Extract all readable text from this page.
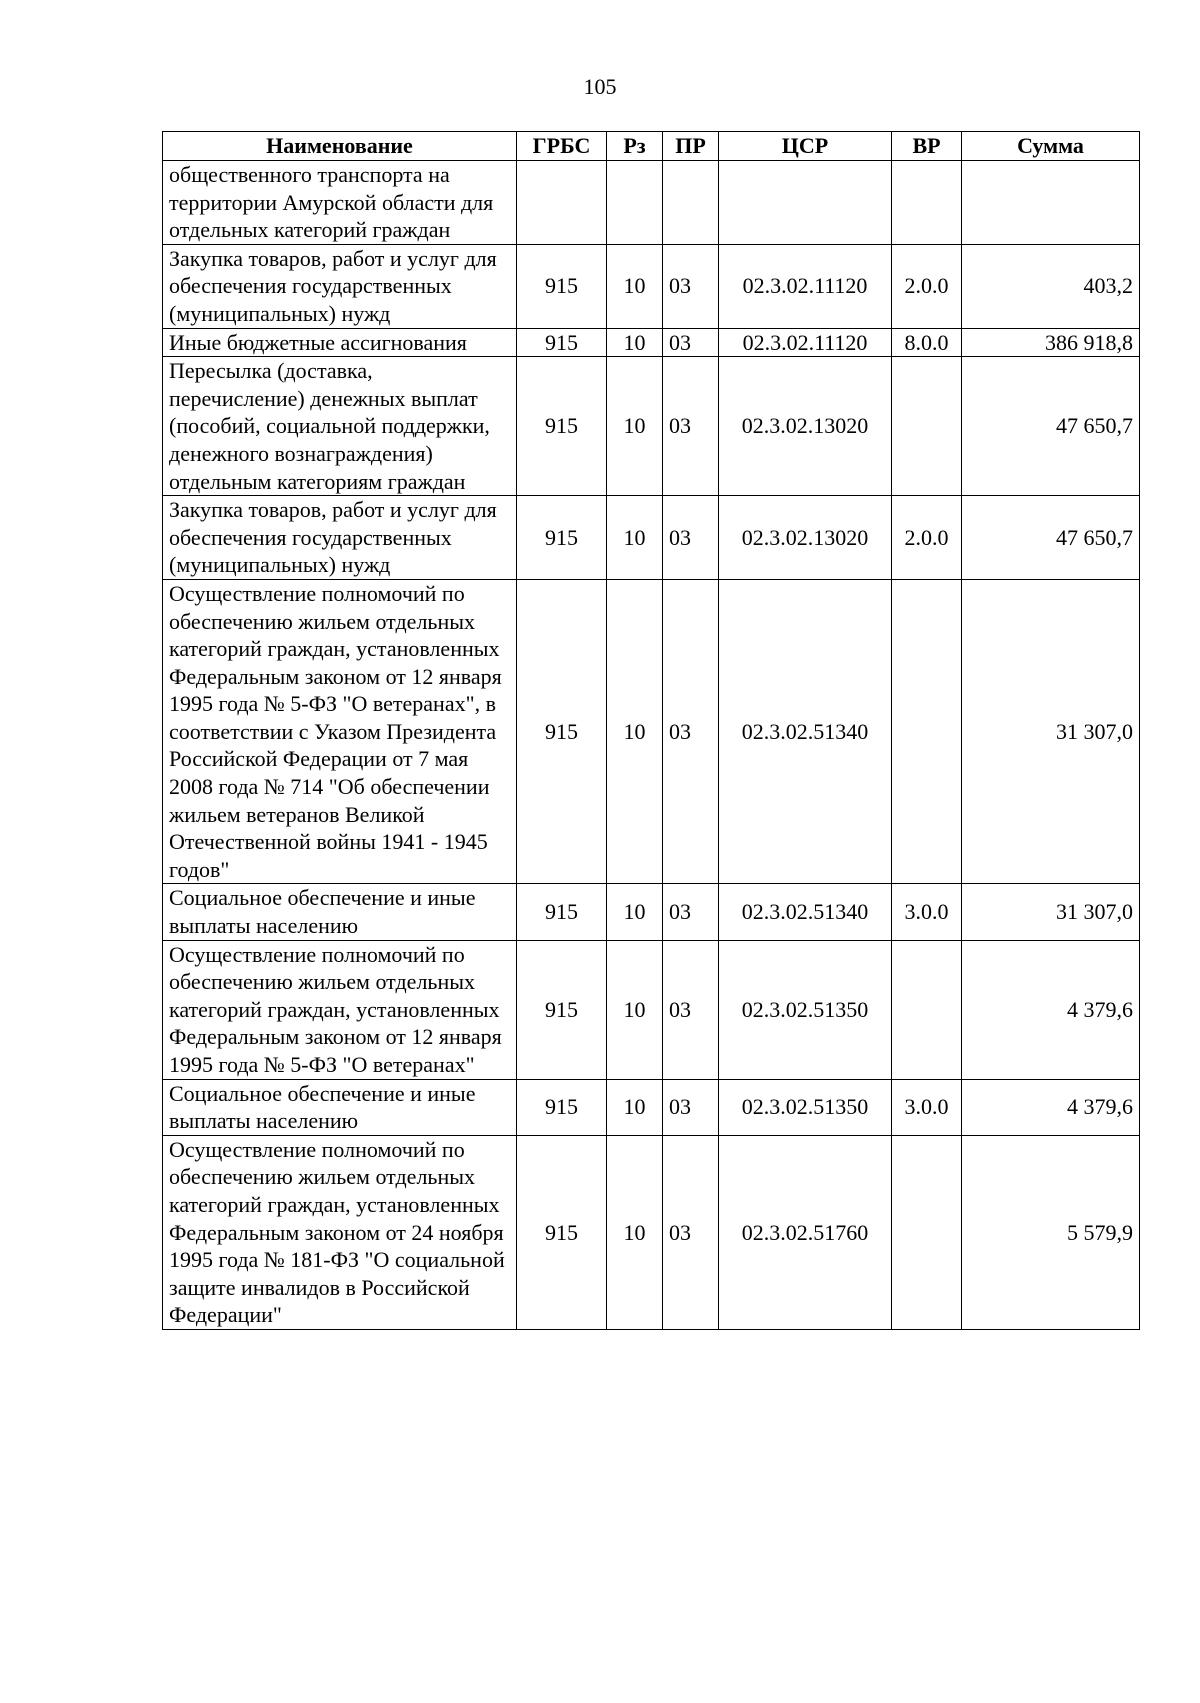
105
Наименование	ГРБС	Рз	ПР	ЦСР	ВР	Сумма
общественного транспорта на территории Амурской области для отдельных категорий граждан						
Закупка товаров, работ и услуг для обеспечения государственных (муниципальных) нужд	915	10	03	02.3.02.11120	2.0.0	403,2
Иные бюджетные ассигнования	915	10	03	02.3.02.11120	8.0.0	386 918,8
Пересылка (доставка, перечисление) денежных выплат (пособий, социальной поддержки, денежного вознаграждения) отдельным категориям граждан	915	10	03	02.3.02.13020		47 650,7
Закупка товаров, работ и услуг для обеспечения государственных (муниципальных) нужд	915	10	03	02.3.02.13020	2.0.0	47 650,7
Осуществление полномочий по обеспечению жильем отдельных категорий граждан, установленных Федеральным законом от 12 января 1995 года № 5-ФЗ "О ветеранах", в соответствии с Указом Президента Российской Федерации от 7 мая 2008 года № 714 "Об обеспечении жильем ветеранов Великой Отечественной войны 1941 - 1945 годов"	915	10	03	02.3.02.51340		31 307,0
Социальное обеспечение и иные выплаты населению	915	10	03	02.3.02.51340	3.0.0	31 307,0
Осуществление полномочий по обеспечению жильем отдельных категорий граждан, установленных Федеральным законом от 12 января 1995 года № 5-ФЗ "О ветеранах"	915	10	03	02.3.02.51350		4 379,6
Социальное обеспечение и иные выплаты населению	915	10	03	02.3.02.51350	3.0.0	4 379,6
Осуществление полномочий по обеспечению жильем отдельных категорий граждан, установленных Федеральным законом от 24 ноября 1995 года № 181-ФЗ "О социальной защите инвалидов в Российской Федерации"	915	10	03	02.3.02.51760		5 579,9
